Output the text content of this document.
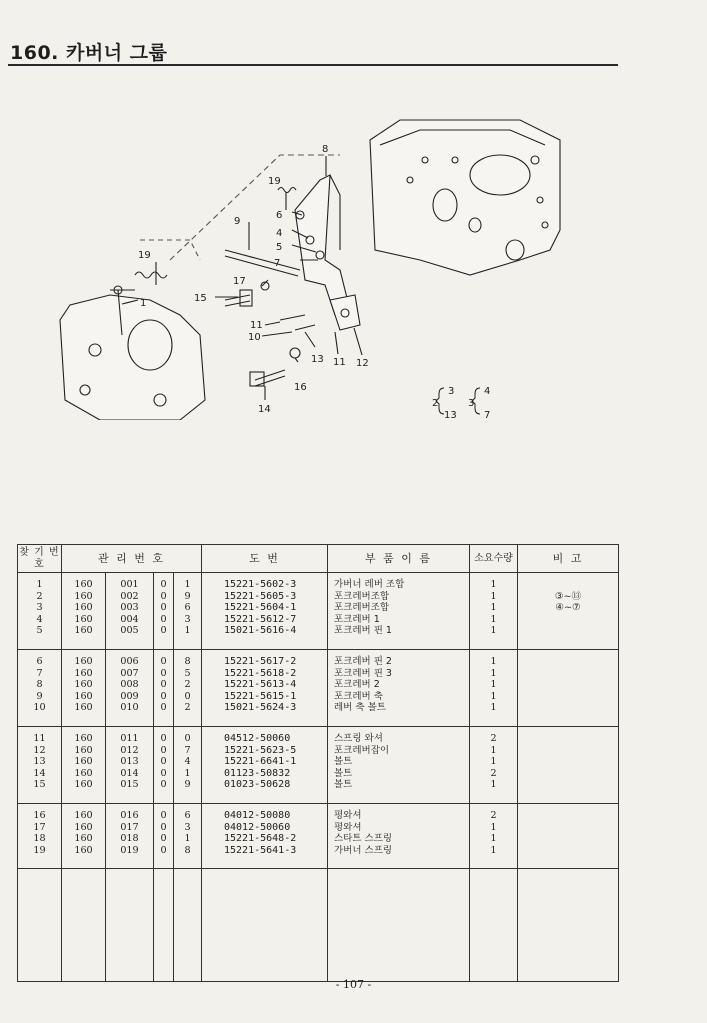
160. 카버너 그룹
8
19
6
9
4
5
19
7
17
15
1
11
10
13 11 12
16
14
2
3
13
3
4
7
찾 기 번 호	관 리 번 호				도 번	부 품 이 름	소요수량	비 고
1	160	001	0	1	15221-5602-3	가버너 레버 조합	1	
2	160	002	0	9	15221-5605-3	포크레버조합	1	③~⑬
3	160	003	0	6	15221-5604-1	포크레버조합	1	④~⑦
4	160	004	0	3	15221-5612-7	포크레버 1	1	
5	160	005	0	1	15021-5616-4	포크레버 핀 1	1	

6	160	006	0	8	15221-5617-2	포크레버 핀 2	1	
7	160	007	0	5	15221-5618-2	포크레버 핀 3	1	
8	160	008	0	2	15221-5613-4	포크레버 2	1	
9	160	009	0	0	15221-5615-1	포크레버 축	1	
10	160	010	0	2	15021-5624-3	레버 축 볼트	1	

11	160	011	0	0	04512-50060	스프링 와셔	2	
12	160	012	0	7	15221-5623-5	포크레버잡이	1	
13	160	013	0	4	15221-6641-1	볼트	1	
14	160	014	0	1	01123-50832	볼트	2	
15	160	015	0	9	01023-50628	볼트	1	

16	160	016	0	6	04012-50080	평와셔	2	
17	160	017	0	3	04012-50060	평와셔	1	
18	160	018	0	1	15221-5648-2	스타트 스프링	1	
19	160	019	0	8	15221-5641-3	가버너 스프링	1	

- 107 -
